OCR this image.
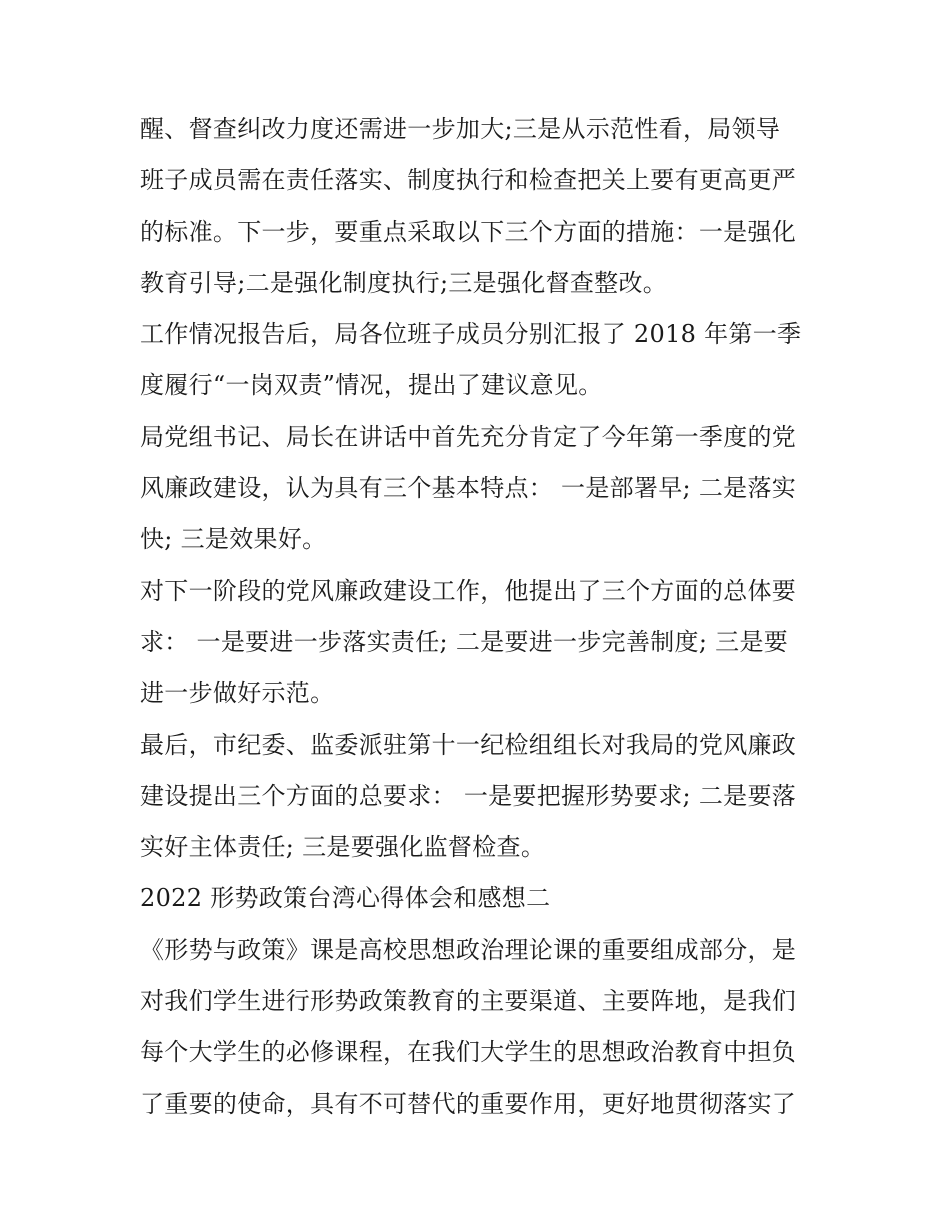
醒、督查纠改力度还需进一步加大;三是从示范性看，局领导
班子成员需在责任落实、制度执行和检查把关上要有更高更严
的标准。下一步，要重点采取以下三个方面的措施：一是强化
教育引导;二是强化制度执行;三是强化督查整改。
工作情况报告后，局各位班子成员分别汇报了 2018 年第一季
度履行“一岗双责”情况，提出了建议意见。
局党组书记、局长在讲话中首先充分肯定了今年第一季度的党
风廉政建设，认为具有三个基本特点： 一是部署早; 二是落实
快; 三是效果好。
对下一阶段的党风廉政建设工作，他提出了三个方面的总体要
求： 一是要进一步落实责任; 二是要进一步完善制度; 三是要
进一步做好示范。
最后，市纪委、监委派驻第十一纪检组组长对我局的党风廉政
建设提出三个方面的总要求： 一是要把握形势要求; 二是要落
实好主体责任; 三是要强化监督检查。
2022 形势政策台湾心得体会和感想二
《形势与政策》课是高校思想政治理论课的重要组成部分，是
对我们学生进行形势政策教育的主要渠道、主要阵地，是我们
每个大学生的必修课程，在我们大学生的思想政治教育中担负
了重要的使命，具有不可替代的重要作用，更好地贯彻落实了
